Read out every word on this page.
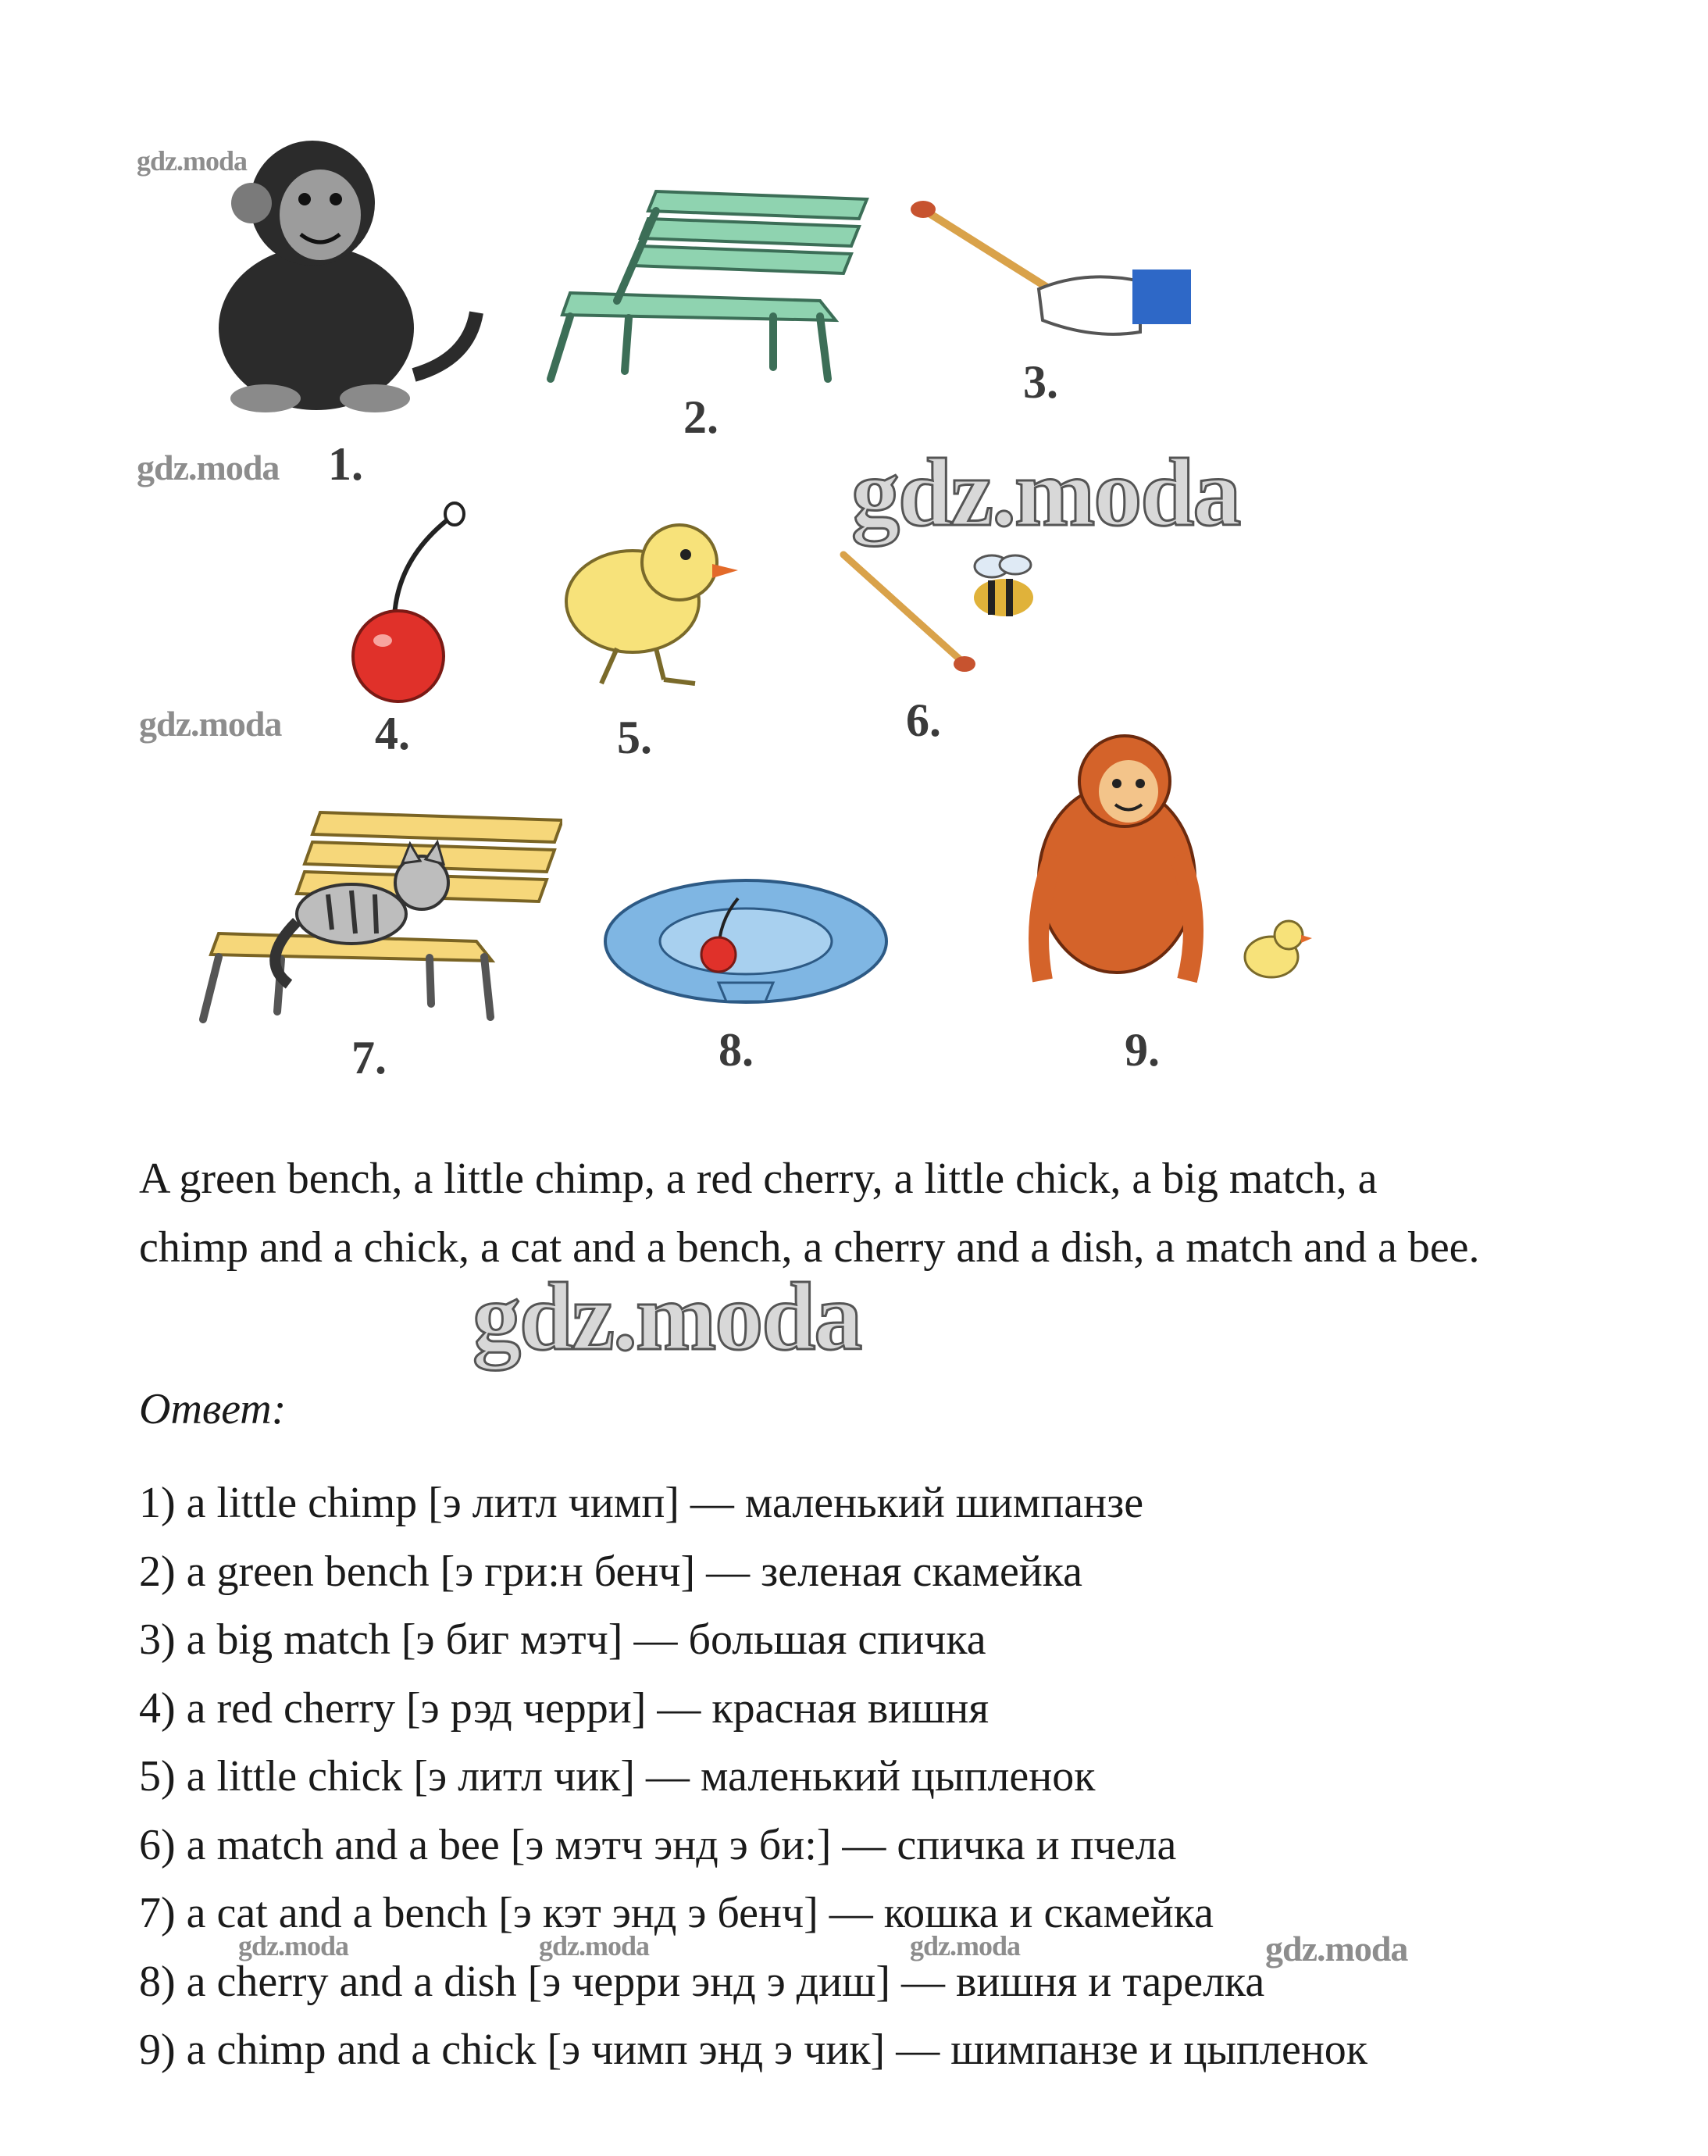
1.
2.
3.
4.	5.	6.
7.	8.	9.
gdz.moda
gdz.moda
gdz.moda
gdz.moda
gdz.moda

A green bench, a little chimp, a red cherry, a little chick, a big match, a chimp and a chick, a cat and a bench, a cherry and a dish, a match and a bee.

Ответ:

1) a little chimp [э литл чимп] — маленький шимпанзе
2) a green bench [э гри:н бенч] — зеленая скамейка
3) a big match [э биг мэтч] — большая спичка
4) a red cherry [э рэд черри] — красная вишня
5) a little chick [э литл чик] — маленький цыпленок
6) a match and a bee [э мэтч энд э би:] — спичка и пчела
7) a cat and a bench [э кэт энд э бенч] — кошка и скамейка
8) a cherry and a dish [э черри энд э диш] — вишня и тарелка
9) a chimp and a chick [э чимп энд э чик] — шимпанзе и цыпленок
gdz.moda	gdz.moda	gdz.moda	gdz.moda
